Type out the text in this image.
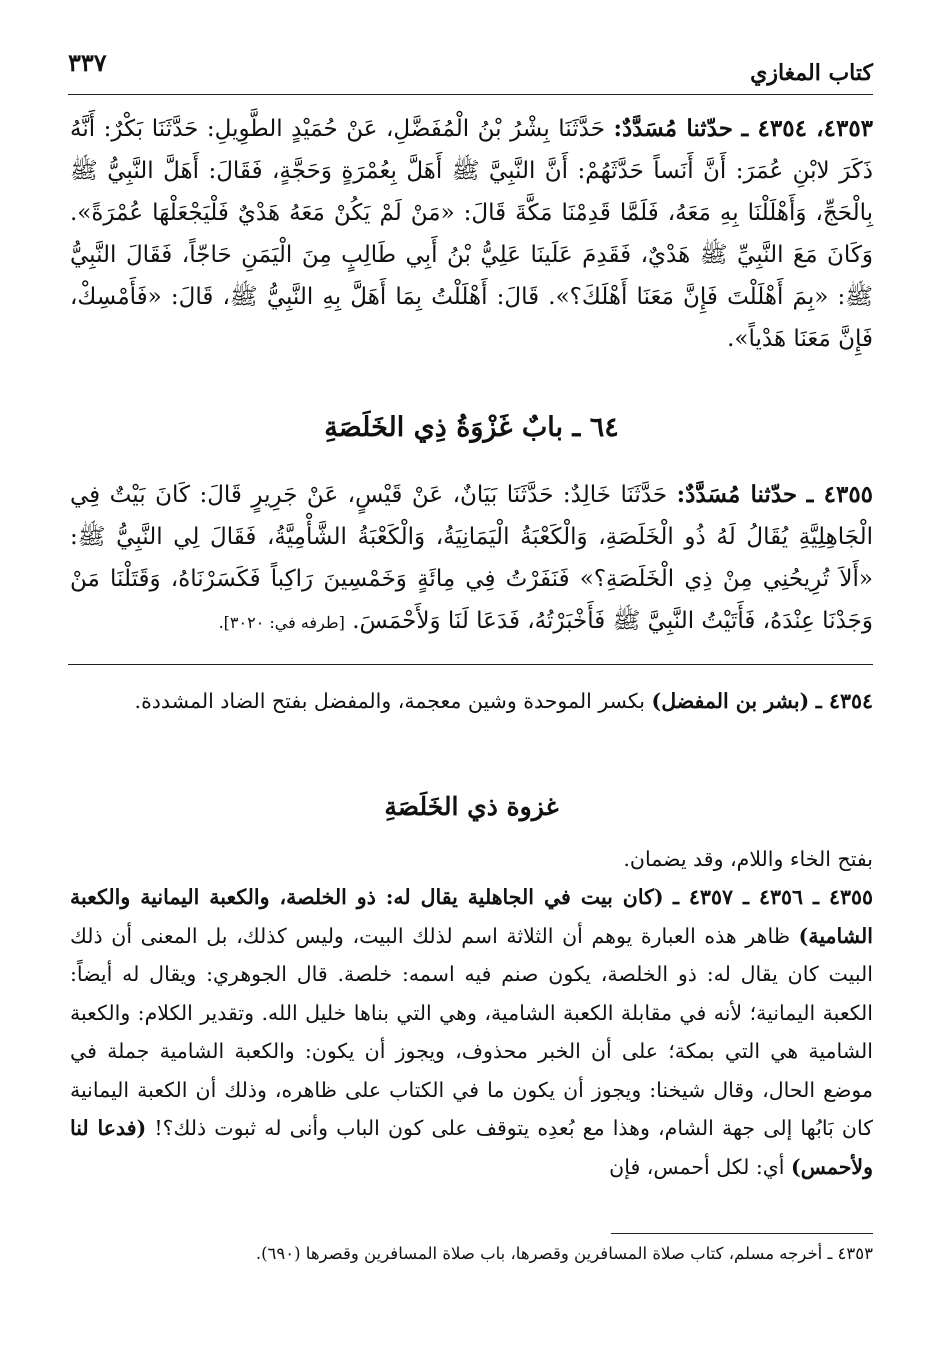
كتاب المغازي
٣٣٧

٤٣٥٣، ٤٣٥٤ ـ حدّثنا مُسَدَّدٌ: حَدَّثَنَا بِشْرُ بْنُ الْمُفَضَّلِ، عَنْ حُمَيْدٍ الطَّوِيلِ: حَدَّثَنَا بَكْرٌ: أَنَّهُ ذَكَرَ لابْنِ عُمَرَ: أَنَّ أَنَساً حَدَّثَهُمْ: أَنَّ النَّبِيَّ ﷺ أَهَلَّ بِعُمْرَةٍ وَحَجَّةٍ، فَقَالَ: أَهَلَّ النَّبِيُّ ﷺ بِالْحَجِّ، وَأَهْلَلْنَا بِهِ مَعَهُ، فَلَمَّا قَدِمْنَا مَكَّةَ قَالَ: «مَنْ لَمْ يَكُنْ مَعَهُ هَدْيٌ فَلْيَجْعَلْهَا عُمْرَةً». وَكَانَ مَعَ النَّبِيِّ ﷺ هَدْيٌ، فَقَدِمَ عَلَينَا عَلِيُّ بْنُ أَبِي طَالِبٍ مِنَ الْيَمَنِ حَاجّاً، فَقَالَ النَّبِيُّ ﷺ: «بِمَ أَهْلَلْتَ فَإِنَّ مَعَنَا أَهْلَكَ؟». قَالَ: أَهْلَلْتُ بِمَا أَهَلَّ بِهِ النَّبِيُّ ﷺ، قَالَ: «فَأَمْسِكْ، فَإِنَّ مَعَنَا هَدْياً».

٦٤ ـ بابٌ غَزْوَةُ ذِي الخَلَصَةِ

٤٣٥٥ ـ حدّثنا مُسَدَّدٌ: حَدَّثَنَا خَالِدٌ: حَدَّثَنَا بَيَانٌ، عَنْ قَيْسٍ، عَنْ جَرِيرٍ قَالَ: كَانَ بَيْتٌ فِي الْجَاهِلِيَّةِ يُقَالُ لَهُ ذُو الْخَلَصَةِ، وَالْكَعْبَةُ الْيَمَانِيَةُ، وَالْكَعْبَةُ الشَّأْمِيَّةُ، فَقَالَ لِي النَّبِيُّ ﷺ: «أَلاَ تُرِيحُنِي مِنْ ذِي الْخَلَصَةِ؟» فَنَفَرْتُ فِي مِائَةٍ وَخَمْسِينَ رَاكِباً فَكَسَرْنَاهُ، وَقَتَلْنَا مَنْ وَجَدْنَا عِنْدَهُ، فَأَتَيْتُ النَّبِيَّ ﷺ فَأَخْبَرْتُهُ، فَدَعَا لَنَا وَلأَحْمَسَ. [طرفه في: ٣٠٢٠].

٤٣٥٤ ـ (بشر بن المفضل) بكسر الموحدة وشين معجمة، والمفضل بفتح الضاد المشددة.

غزوة ذي الخَلَصَةِ

بفتح الخاء واللام، وقد يضمان.

٤٣٥٥ ـ ٤٣٥٦ ـ ٤٣٥٧ ـ (كان بيت في الجاهلية يقال له: ذو الخلصة، والكعبة اليمانية والكعبة الشامية) ظاهر هذه العبارة يوهم أن الثلاثة اسم لذلك البيت، وليس كذلك، بل المعنى أن ذلك البيت كان يقال له: ذو الخلصة، يكون صنم فيه اسمه: خلصة. قال الجوهري: ويقال له أيضاً: الكعبة اليمانية؛ لأنه في مقابلة الكعبة الشامية، وهي التي بناها خليل الله. وتقدير الكلام: والكعبة الشامية هي التي بمكة؛ على أن الخبر محذوف، ويجوز أن يكون: والكعبة الشامية جملة في موضع الحال، وقال شيخنا: ويجوز أن يكون ما في الكتاب على ظاهره، وذلك أن الكعبة اليمانية كان بَابُها إلى جهة الشام، وهذا مع بُعدِه يتوقف على كون الباب وأنى له ثبوت ذلك؟! (فدعا لنا ولأحمس) أي: لكل أحمس، فإن

٤٣٥٣ ـ أخرجه مسلم، كتاب صلاة المسافرين وقصرها، باب صلاة المسافرين وقصرها (٦٩٠).
